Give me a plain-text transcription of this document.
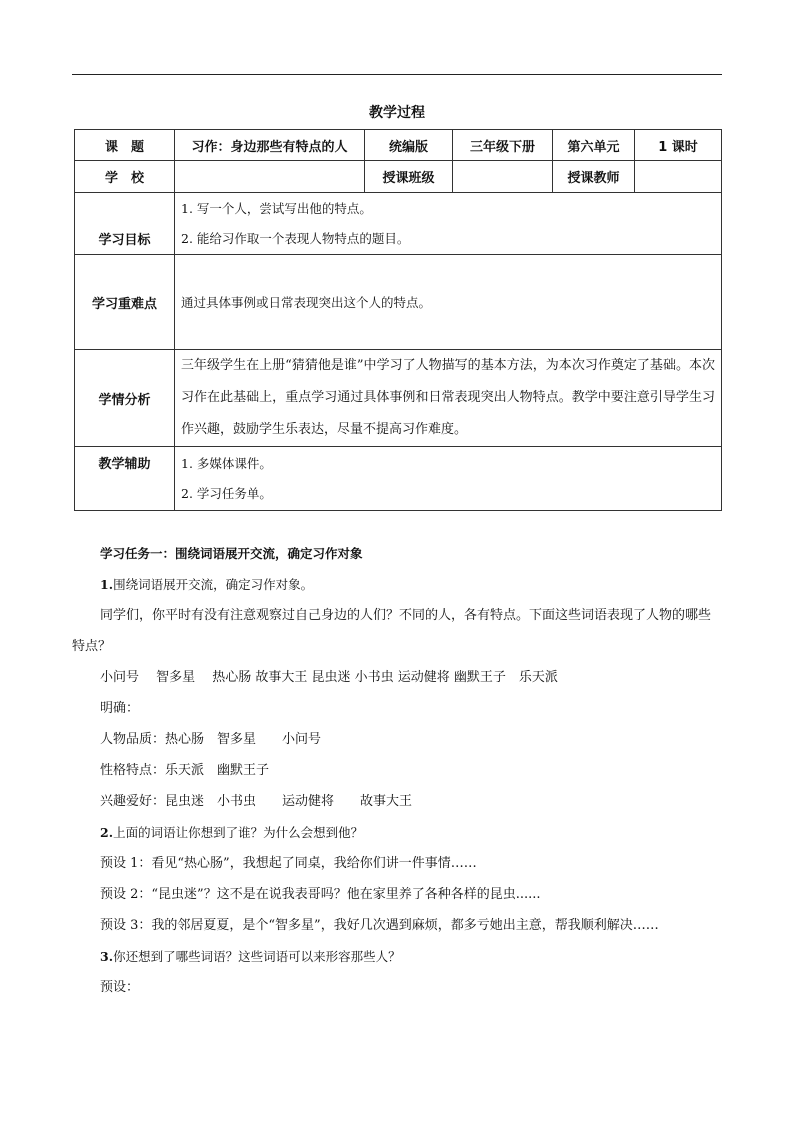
教学过程
课　题	习作：身边那些有特点的人	统编版	三年级下册	第六单元	1 课时
学　校		授课班级		授课教师	
学习目标	1. 写一个人，尝试写出他的特点。

2. 能给习作取一个表现人物特点的题目。				

学习重难点	通过具体事例或日常表现突出这个人的特点。				
学情分析	三年级学生在上册“猜猜他是谁”中学习了人物描写的基本方法，为本次习作奠定了基础。本次习作在此基础上，重点学习通过具体事例和日常表现突出人物特点。教学中要注意引导学生习作兴趣，鼓励学生乐表达，尽量不提高习作难度。				
教学辅助	1. 多媒体课件。

2. 学习任务单。				

学习任务一：围绕词语展开交流，确定习作对象

1.围绕词语展开交流，确定习作对象。

同学们，你平时有没有注意观察过自己身边的人们？不同的人，各有特点。下面这些词语表现了人物的哪些特点？

小问号　 智多星　 热心肠 故事大王 昆虫迷 小书虫 运动健将 幽默王子　乐天派

明确：

人物品质：热心肠　智多星　　小问号

性格特点：乐天派　幽默王子

兴趣爱好：昆虫迷　小书虫　　运动健将　　故事大王

2.上面的词语让你想到了谁？为什么会想到他？

预设 1：看见“热心肠”，我想起了同桌，我给你们讲一件事情……

预设 2：“昆虫迷”？这不是在说我表哥吗？他在家里养了各种各样的昆虫......

预设 3：我的邻居夏夏，是个“智多星”，我好几次遇到麻烦，都多亏她出主意，帮我顺利解决……

3.你还想到了哪些词语？这些词语可以来形容那些人？

预设：
